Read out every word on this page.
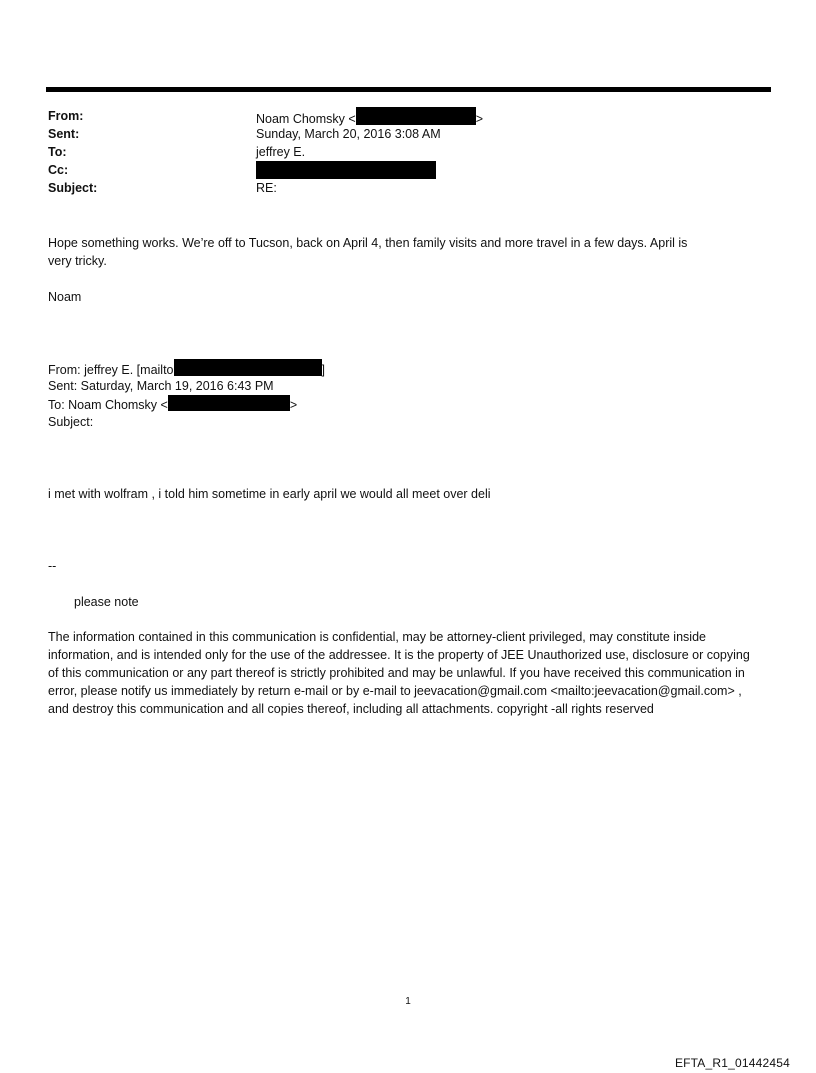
From:	Noam Chomsky <	>
Sent:	Sunday, March 20, 2016 3:08 AM
To:	jeffrey E.
Cc:
Subject:	RE:
Hope something works. We’re off to Tucson, back on April 4, then family visits and more travel in a few days. April is
very tricky.
Noam
From: jeffrey E. [mailto	]
Sent: Saturday, March 19, 2016 6:43 PM
To: Noam Chomsky <	>
Subject:
i met with wolfram , i told him sometime in early april we would all meet over deli
--
please note
The information contained in this communication is confidential, may be attorney-client privileged, may constitute inside information, and is intended only for the use of the addressee. It is the property of JEE Unauthorized use, disclosure or copying of this communication or any part thereof is strictly prohibited and may be unlawful. If you have received this communication in error, please notify us immediately by return e-mail or by e-mail to jeevacation@gmail.com <mailto:jeevacation@gmail.com> , and destroy this communication and all copies thereof, including all attachments. copyright -all rights reserved
1
EFTA_R1_01442454
